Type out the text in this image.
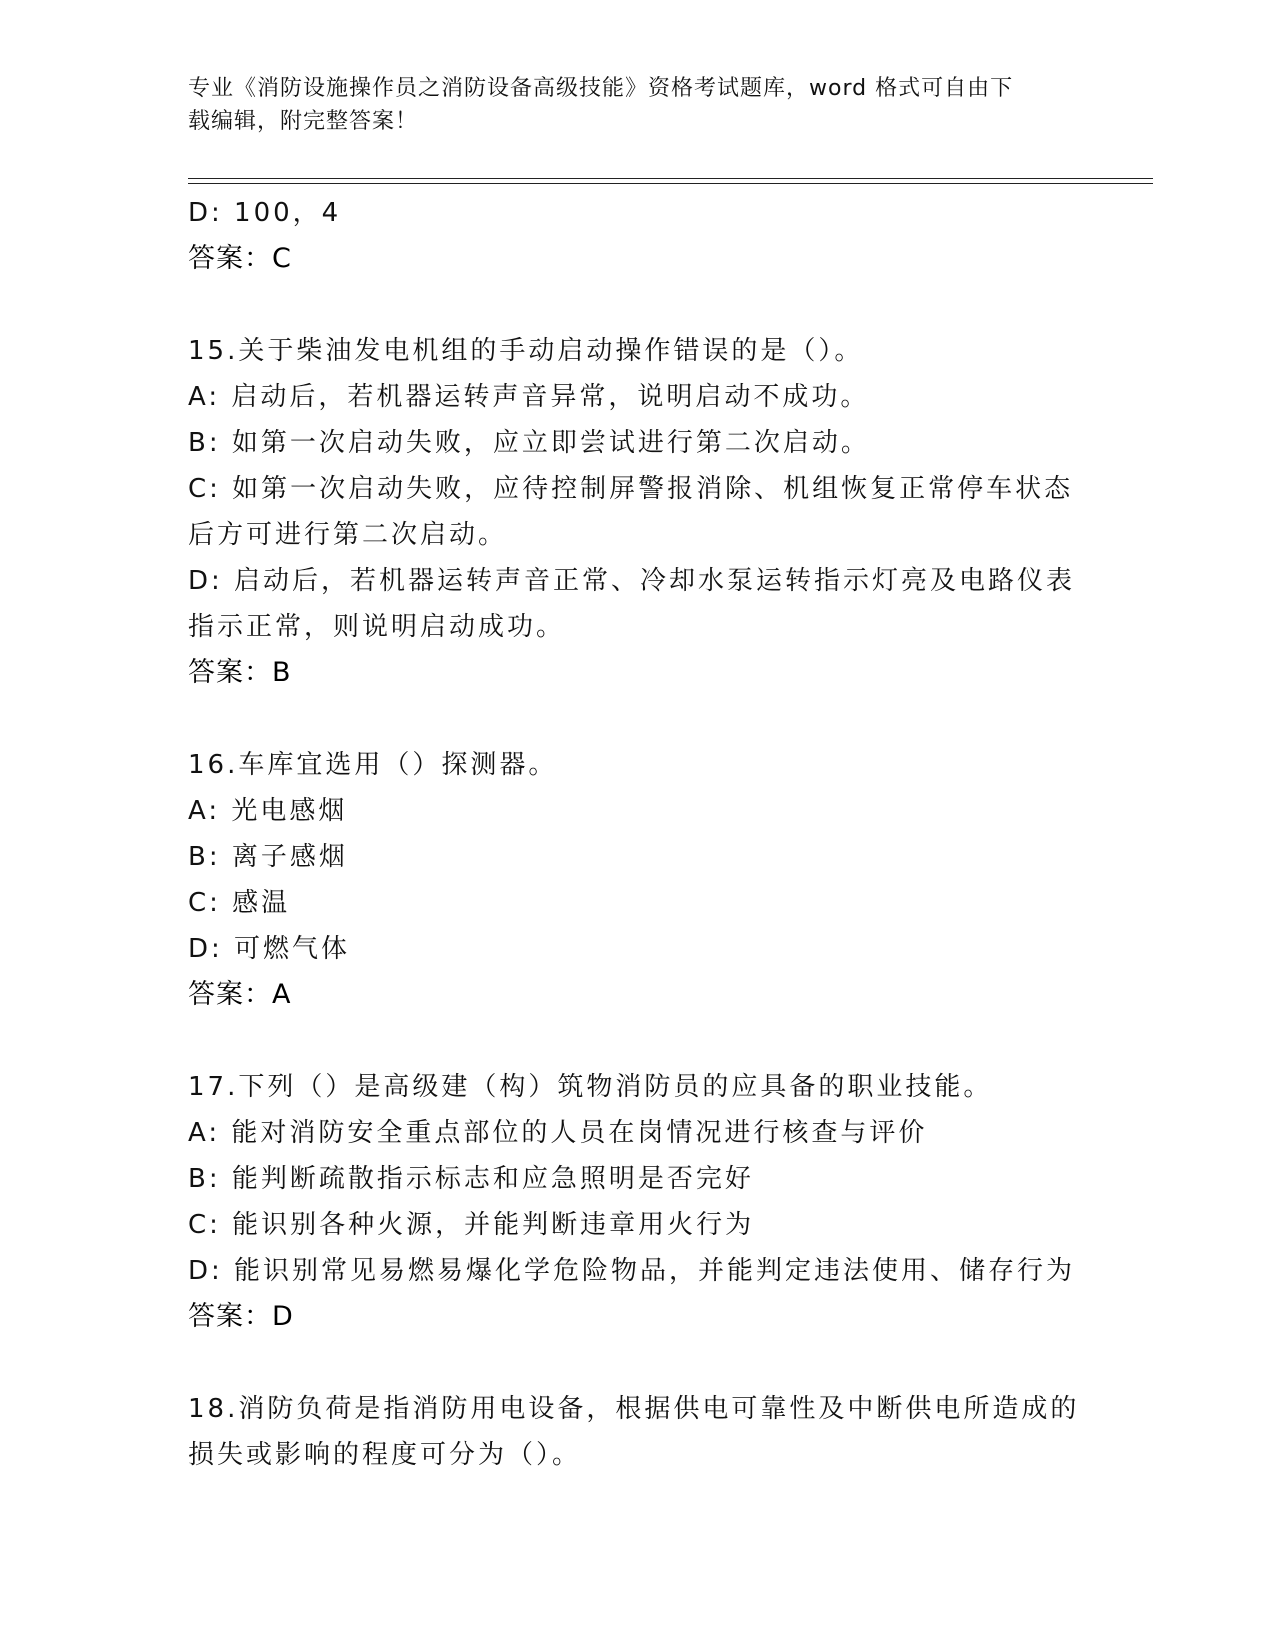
专业《消防设施操作员之消防设备高级技能》资格考试题库，word 格式可自由下
载编辑，附完整答案！
D: 100，4
答案：C
15.关于柴油发电机组的手动启动操作错误的是（）。
A: 启动后，若机器运转声音异常，说明启动不成功。
B: 如第一次启动失败，应立即尝试进行第二次启动。
C: 如第一次启动失败，应待控制屏警报消除、机组恢复正常停车状态
后方可进行第二次启动。
D: 启动后，若机器运转声音正常、冷却水泵运转指示灯亮及电路仪表
指示正常，则说明启动成功。
答案：B
16.车库宜选用（）探测器。
A: 光电感烟
B: 离子感烟
C: 感温
D: 可燃气体
答案：A
17.下列（）是高级建（构）筑物消防员的应具备的职业技能。
A: 能对消防安全重点部位的人员在岗情况进行核查与评价
B: 能判断疏散指示标志和应急照明是否完好
C: 能识别各种火源，并能判断违章用火行为
D: 能识别常见易燃易爆化学危险物品，并能判定违法使用、储存行为
答案：D
18.消防负荷是指消防用电设备，根据供电可靠性及中断供电所造成的
损失或影响的程度可分为（）。
